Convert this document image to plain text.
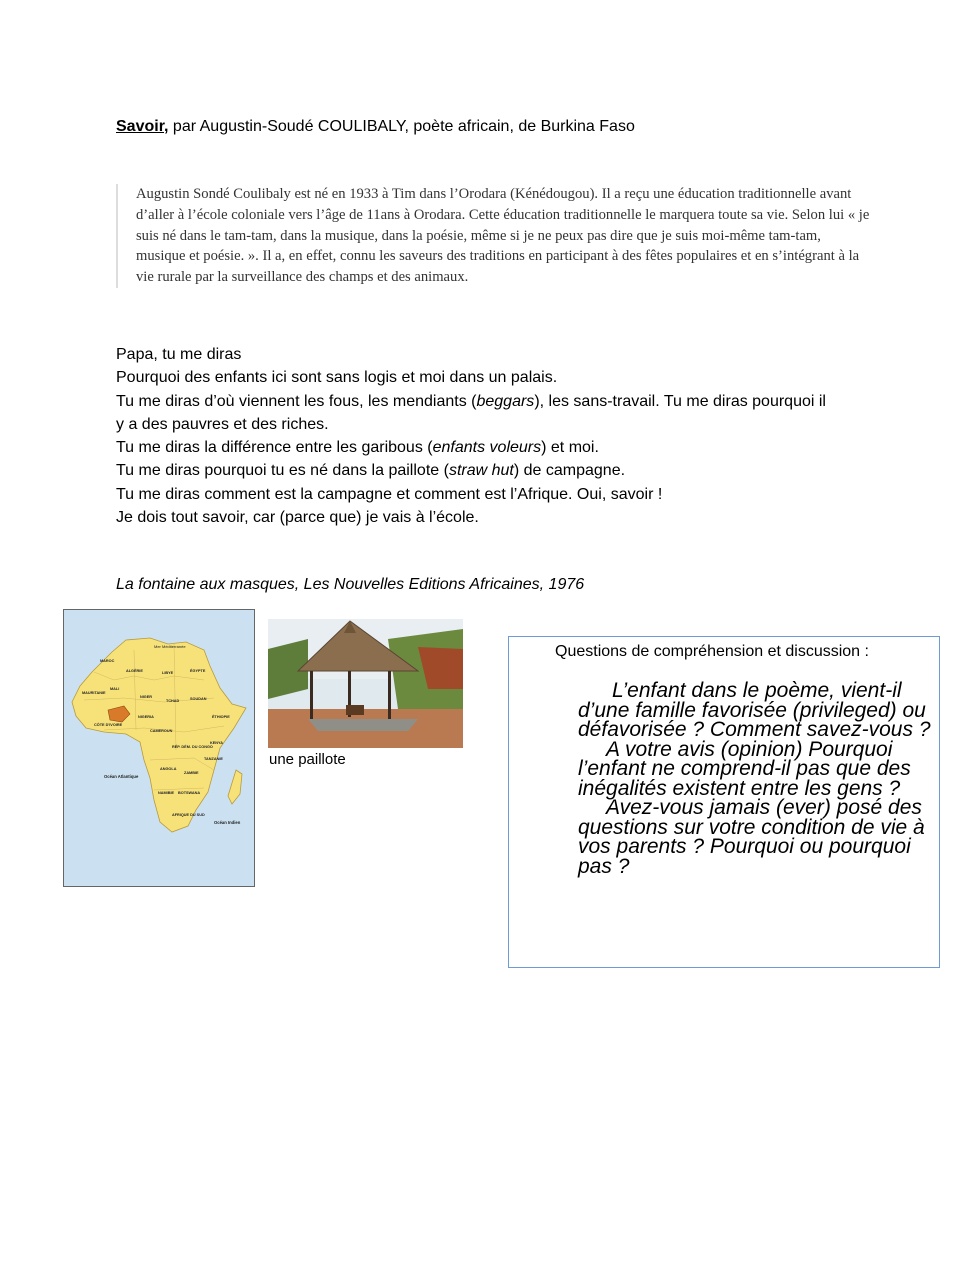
Savoir, par Augustin-Soudé COULIBALY, poète africain, de Burkina Faso
Augustin Sondé Coulibaly est né en 1933 à Tim dans l’Orodara (Kénédougou). Il a reçu une éducation traditionnelle avant d’aller à l’école coloniale vers l’âge de 11ans à Orodara. Cette éducation traditionnelle le marquera toute sa vie. Selon lui « je suis né dans le tam-tam, dans la musique, dans la poésie, même si je ne peux pas dire que je suis moi-même tam-tam, musique et poésie. ». Il a, en effet, connu les saveurs des traditions en participant à des fêtes populaires et en s’intégrant à la vie rurale par la surveillance des champs et des animaux.
Papa, tu me diras
Pourquoi des enfants ici sont sans logis et moi dans un palais.
Tu me diras d’où viennent les fous, les mendiants (beggars), les sans-travail. Tu me diras pourquoi il y a des pauvres et des riches.
Tu me diras la différence entre les garibous (enfants voleurs) et moi.
Tu me diras pourquoi tu es né dans la paillote (straw hut) de campagne.
Tu me diras comment est la campagne et comment est l’Afrique. Oui, savoir !
Je dois tout savoir, car (parce que) je vais à l’école.
La fontaine aux masques, Les Nouvelles Editions Africaines, 1976
Mer Méditerranée
MAROC
ALGÉRIE	LIBYE	ÉGYPTE
MAURITANIE
MALI
NIGER
TCHAD	SOUDAN
NIGERIA	ÉTHIOPIE
CÔTE D'IVOIRE
CAMEROUN
RÉP. DÉM. DU CONGO
KENYA
TANZANIE
ANGOLA
ZAMBIE
NAMIBIE BOTSWANA
AFRIQUE DU SUD
Océan Atlantique
Océan Indien
une paillote
Questions de compréhension et discussion :

L’enfant dans le poème, vient-il d’une famille favorisée (privileged) ou défavorisée ? Comment savez-vous ?

A votre avis (opinion) Pourquoi l’enfant ne comprend-il pas que des inégalités existent entre les gens ?

Avez-vous jamais (ever) posé des questions sur votre condition de vie à vos parents ? Pourquoi ou pourquoi pas ?
